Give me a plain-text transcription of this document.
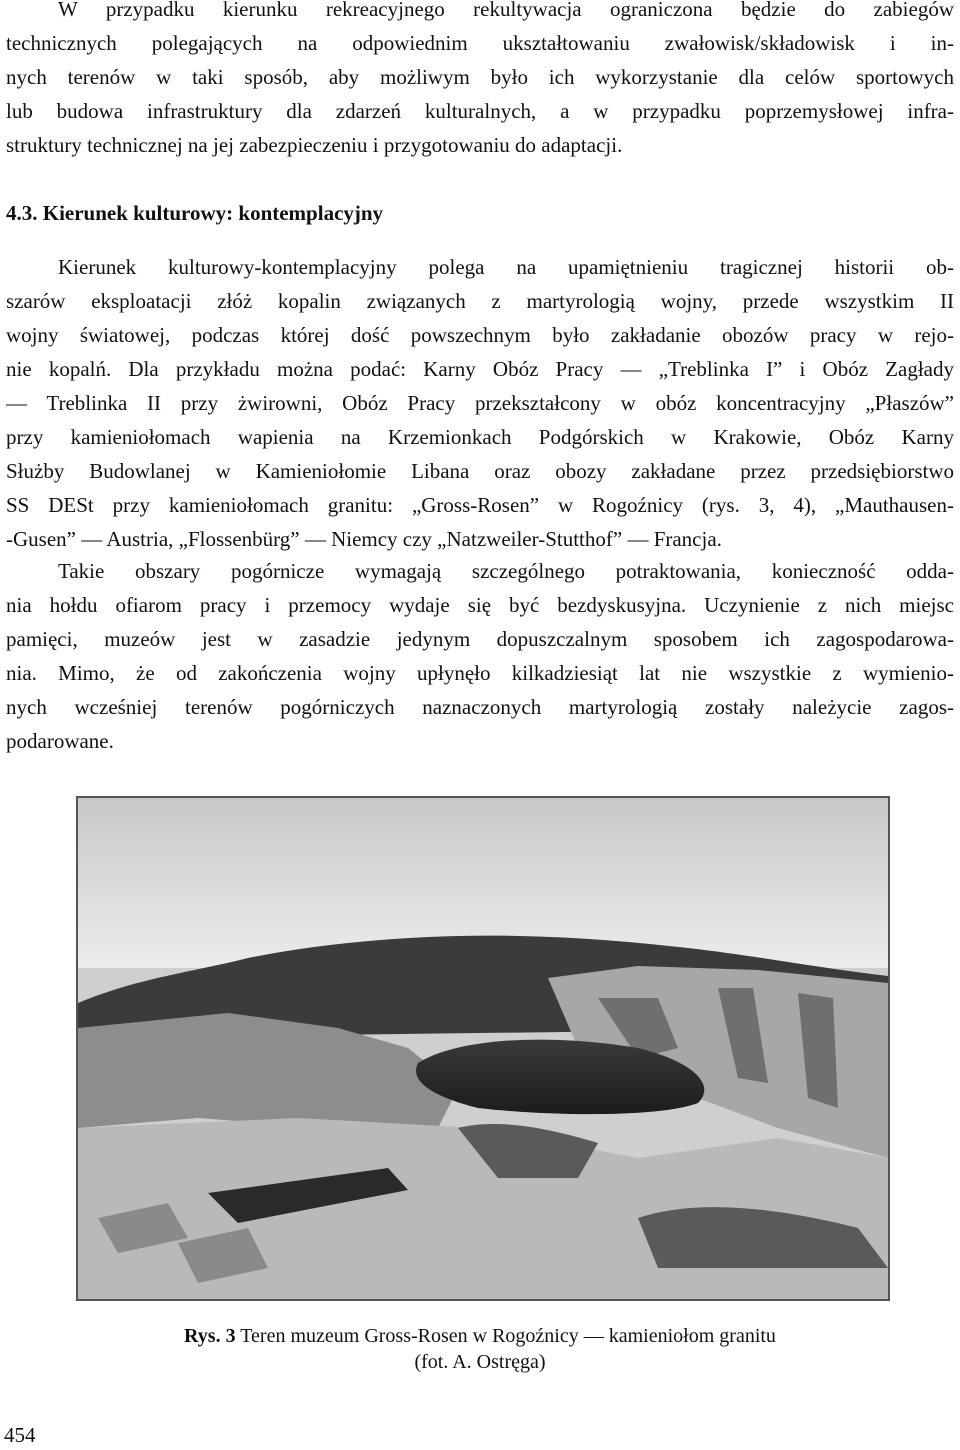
W przypadku kierunku rekreacyjnego rekultywacja ograniczona będzie do zabiegów
technicznych polegających na odpowiednim ukształtowaniu zwałowisk/składowisk i in-
nych terenów w taki sposób, aby możliwym było ich wykorzystanie dla celów sportowych
lub budowa infrastruktury dla zdarzeń kulturalnych, a w przypadku poprzemysłowej infra-
struktury technicznej na jej zabezpieczeniu i przygotowaniu do adaptacji.
4.3. Kierunek kulturowy: kontemplacyjny
Kierunek kulturowy-kontemplacyjny polega na upamiętnieniu tragicznej historii ob-
szarów eksploatacji złóż kopalin związanych z martyrologią wojny, przede wszystkim II
wojny światowej, podczas której dość powszechnym było zakładanie obozów pracy w rejo-
nie kopalń. Dla przykładu można podać: Karny Obóz Pracy — „Treblinka I” i Obóz Zagłady
— Treblinka II przy żwirowni, Obóz Pracy przekształcony w obóz koncentracyjny „Płaszów”
przy kamieniołomach wapienia na Krzemionkach Podgórskich w Krakowie, Obóz Karny
Służby Budowlanej w Kamieniołomie Libana oraz obozy zakładane przez przedsiębiorstwo
SS DESt przy kamieniołomach granitu: „Gross-Rosen” w Rogoźnicy (rys. 3, 4), „Mauthausen-
-Gusen” — Austria, „Flossenbürg” — Niemcy czy „Natzweiler-Stutthof” — Francja.
Takie obszary pogórnicze wymagają szczególnego potraktowania, konieczność odda-
nia hołdu ofiarom pracy i przemocy wydaje się być bezdyskusyjna. Uczynienie z nich miejsc
pamięci, muzeów jest w zasadzie jedynym dopuszczalnym sposobem ich zagospodarowa-
nia. Mimo, że od zakończenia wojny upłynęło kilkadziesiąt lat nie wszystkie z wymienio-
nych wcześniej terenów pogórniczych naznaczonych martyrologią zostały należycie zagos-
podarowane.
Rys. 3 Teren muzeum Gross-Rosen w Rogoźnicy — kamieniołom granitu
(fot. A. Ostręga)
454
